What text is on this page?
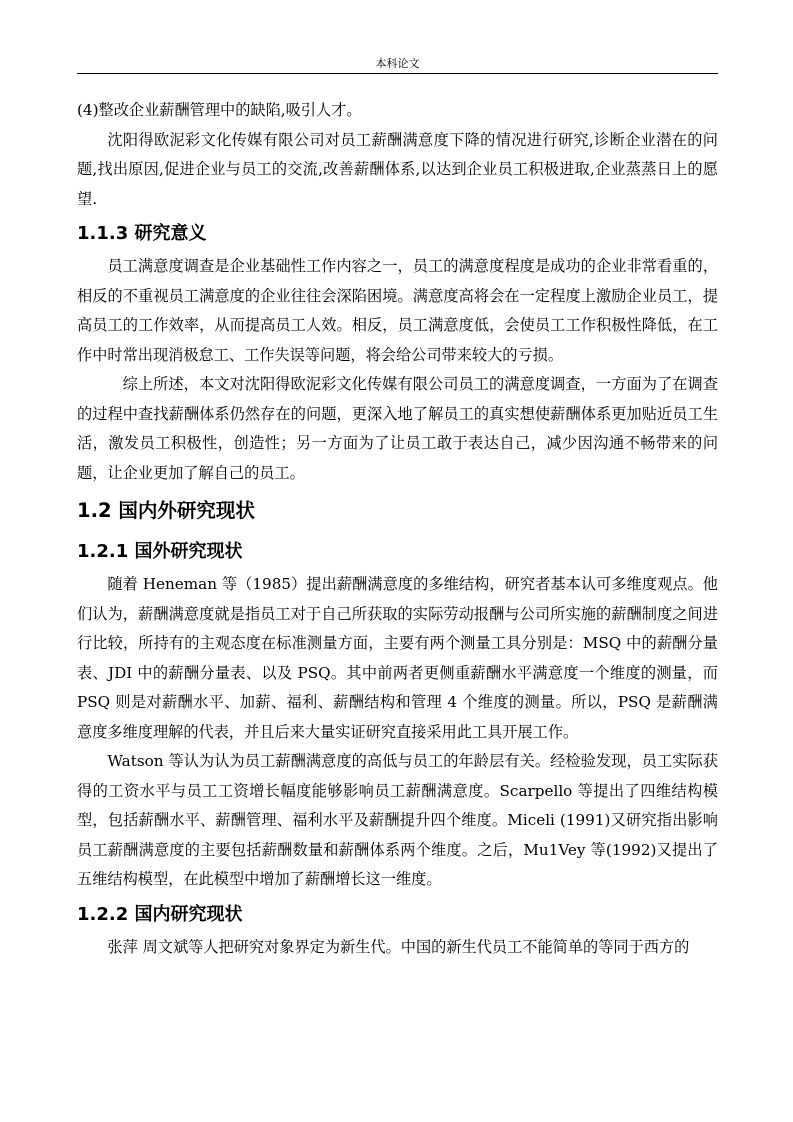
本科论文

(4)整改企业薪酬管理中的缺陷,吸引人才。

沈阳得欧泥彩文化传媒有限公司对员工薪酬满意度下降的情况进行研究,诊断企业潜在的问题,找出原因,促进企业与员工的交流,改善薪酬体系,以达到企业员工积极进取,企业蒸蒸日上的愿望.

1.1.3 研究意义

员工满意度调查是企业基础性工作内容之一，员工的满意度程度是成功的企业非常看重的，相反的不重视员工满意度的企业往往会深陷困境。满意度高将会在一定程度上激励企业员工，提高员工的工作效率，从而提高员工人效。相反，员工满意度低，会使员工工作积极性降低，在工作中时常出现消极怠工、工作失误等问题，将会给公司带来较大的亏损。

综上所述，本文对沈阳得欧泥彩文化传媒有限公司员工的满意度调查，一方面为了在调查的过程中查找薪酬体系仍然存在的问题，更深入地了解员工的真实想使薪酬体系更加贴近员工生活，激发员工积极性，创造性；另一方面为了让员工敢于表达自己，减少因沟通不畅带来的问题，让企业更加了解自己的员工。

1.2 国内外研究现状
1.2.1 国外研究现状

随着 Heneman 等（1985）提出薪酬满意度的多维结构，研究者基本认可多维度观点。他们认为，薪酬满意度就是指员工对于自己所获取的实际劳动报酬与公司所实施的薪酬制度之间进行比较，所持有的主观态度在标准测量方面，主要有两个测量工具分别是：MSQ 中的薪酬分量表、JDI 中的薪酬分量表、以及 PSQ。其中前两者更侧重薪酬水平满意度一个维度的测量，而 PSQ 则是对薪酬水平、加薪、福利、薪酬结构和管理 4 个维度的测量。所以，PSQ 是薪酬满意度多维度理解的代表，并且后来大量实证研究直接采用此工具开展工作。

Watson 等认为认为员工薪酬满意度的高低与员工的年龄层有关。经检验发现，员工实际获得的工资水平与员工工资增长幅度能够影响员工薪酬满意度。Scarpello 等提出了四维结构模型，包括薪酬水平、薪酬管理、福利水平及薪酬提升四个维度。Miceli (1991)又研究指出影响员工薪酬满意度的主要包括薪酬数量和薪酬体系两个维度。之后，Mu1Vey 等(1992)又提出了五维结构模型，在此模型中增加了薪酬增长这一维度。

1.2.2 国内研究现状

张萍 周文斌等人把研究对象界定为新生代。中国的新生代员工不能简单的等同于西方的
